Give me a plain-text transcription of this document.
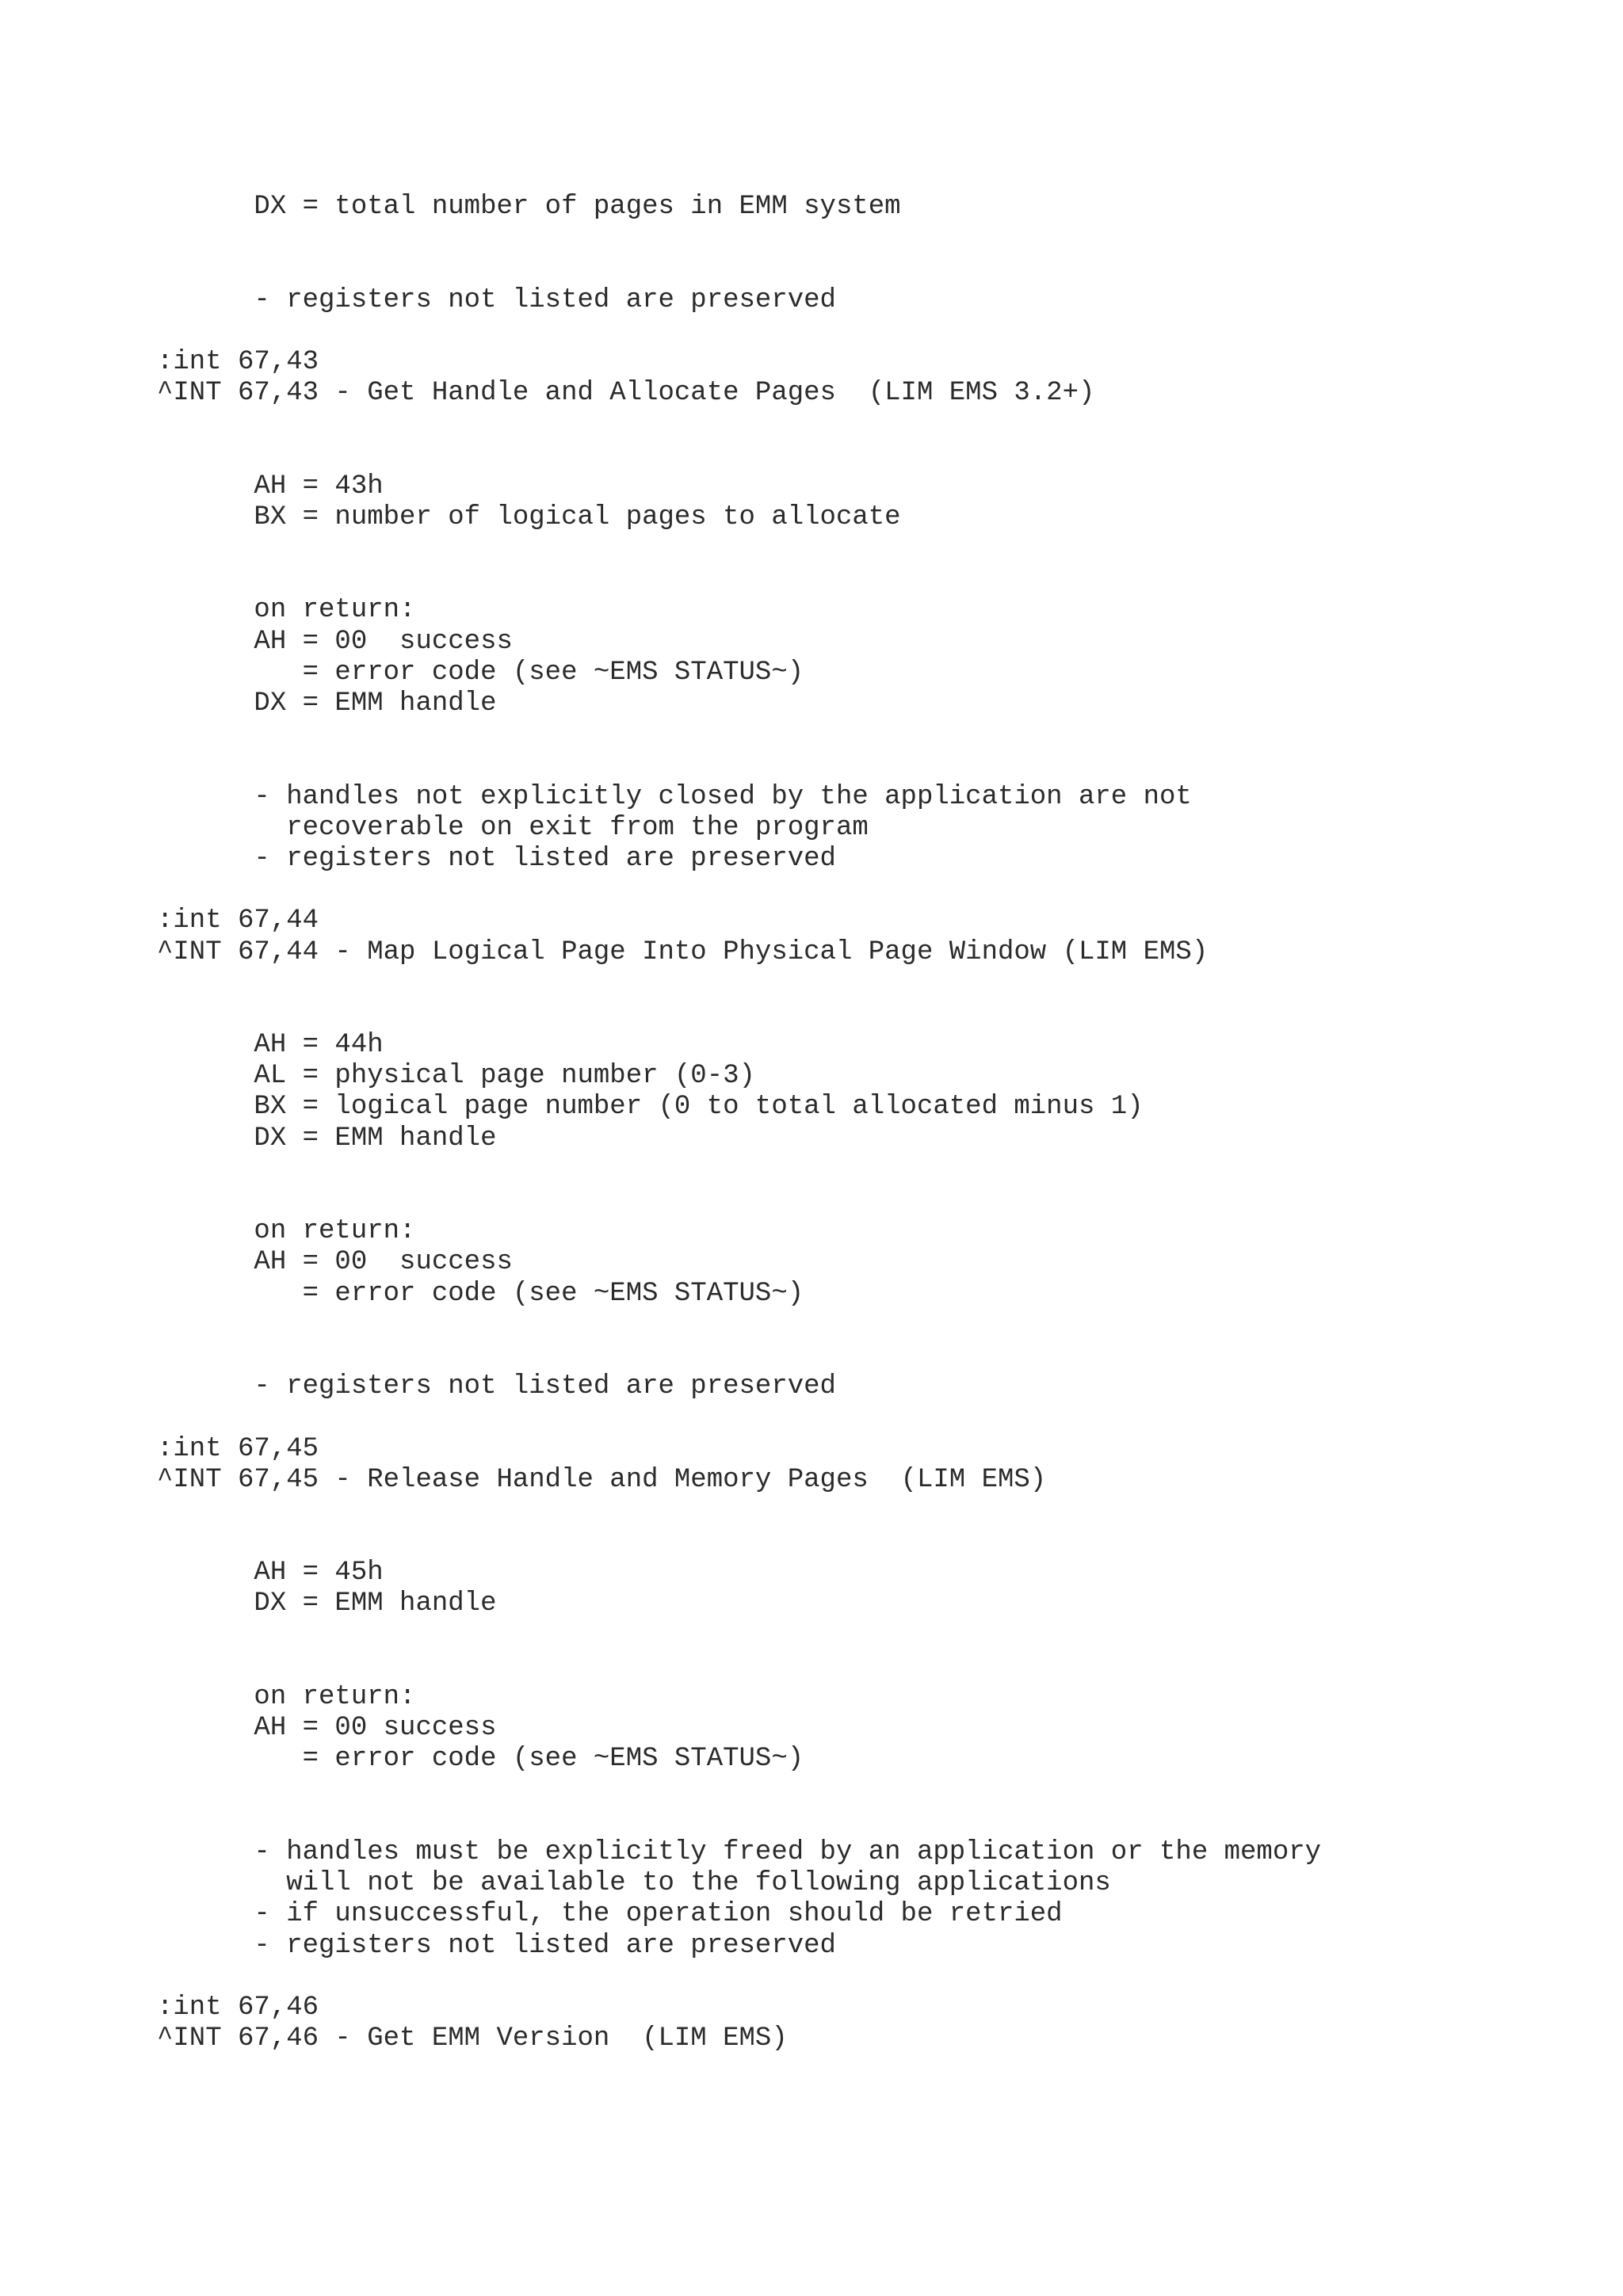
DX = total number of pages in EMM system
- registers not listed are preserved
:int 67,43
^INT 67,43 - Get Handle and Allocate Pages  (LIM EMS 3.2+)
AH = 43h
BX = number of logical pages to allocate
on return:
AH = 00  success
= error code (see ~EMS STATUS~)
DX = EMM handle
- handles not explicitly closed by the application are not
recoverable on exit from the program
- registers not listed are preserved
:int 67,44
^INT 67,44 - Map Logical Page Into Physical Page Window (LIM EMS)
AH = 44h
AL = physical page number (0-3)
BX = logical page number (0 to total allocated minus 1)
DX = EMM handle
on return:
AH = 00  success
= error code (see ~EMS STATUS~)
- registers not listed are preserved
:int 67,45
^INT 67,45 - Release Handle and Memory Pages  (LIM EMS)
AH = 45h
DX = EMM handle
on return:
AH = 00 success
= error code (see ~EMS STATUS~)
- handles must be explicitly freed by an application or the memory
will not be available to the following applications
- if unsuccessful, the operation should be retried
- registers not listed are preserved
:int 67,46
^INT 67,46 - Get EMM Version  (LIM EMS)
